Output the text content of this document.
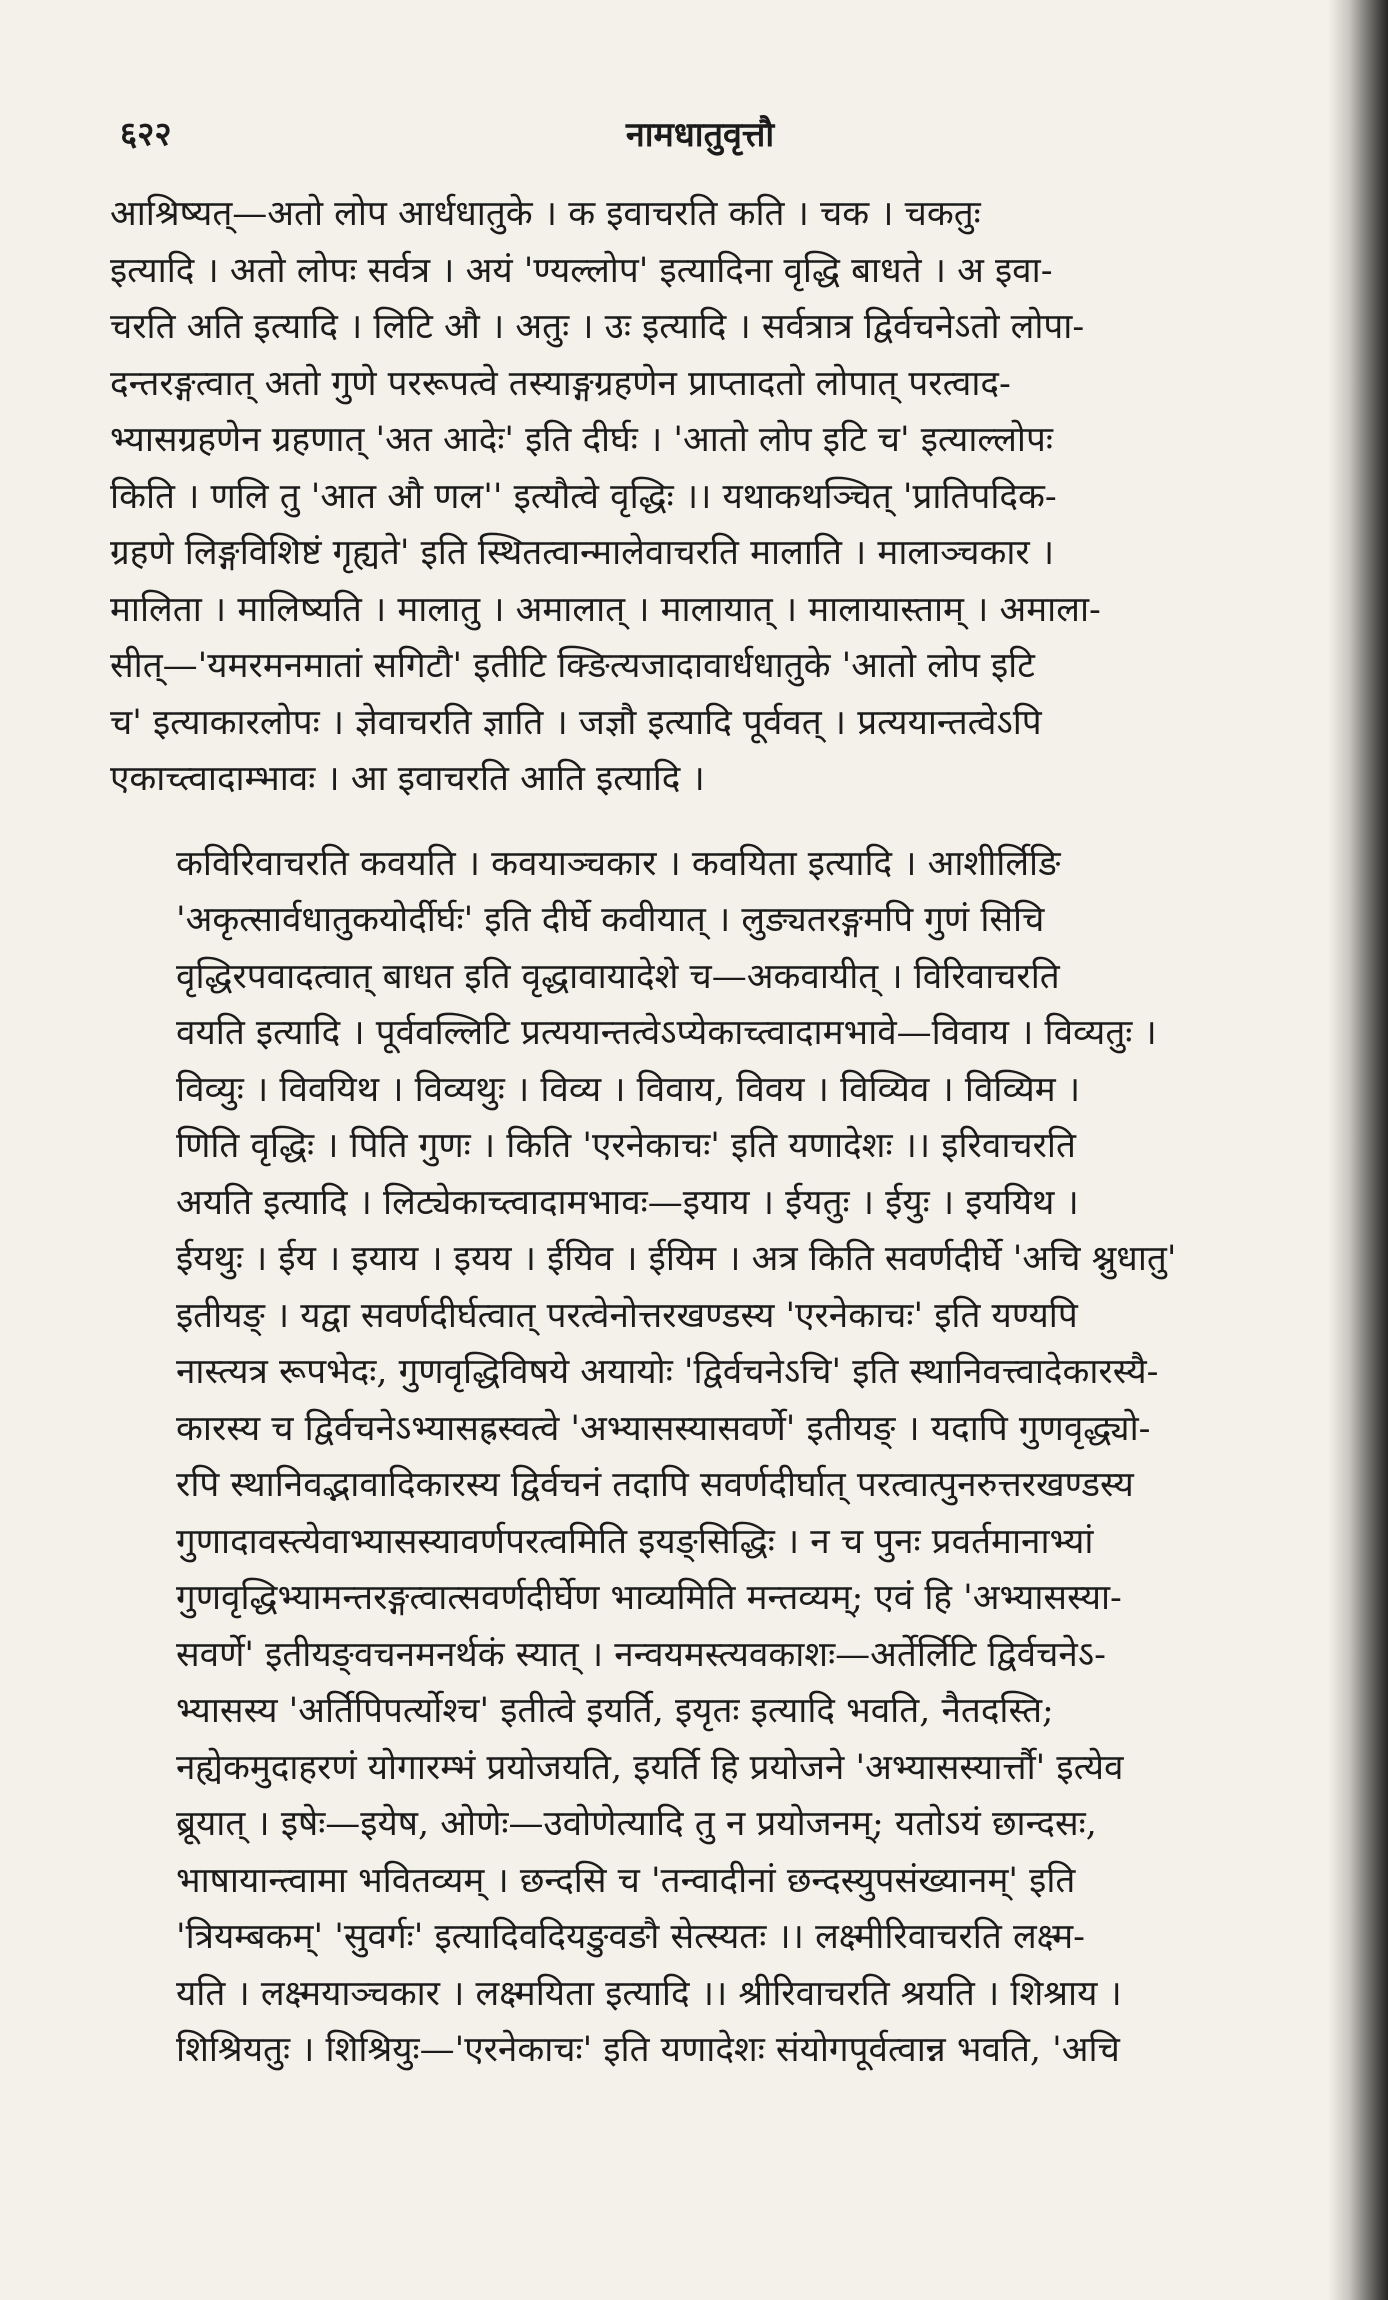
६२२	नामधातुवृत्तौ

आश्रिष्यत्—अतो लोप आर्धधातुके । क इवाचरति कति । चक । चकतुः
इत्यादि । अतो लोपः सर्वत्र । अयं 'ण्यल्लोप' इत्यादिना वृद्धि बाधते । अ इवा-
चरति अति इत्यादि । लिटि औ । अतुः । उः इत्यादि । सर्वत्रात्र द्विर्वचनेऽतो लोपा-
दन्तरङ्गत्वात् अतो गुणे पररूपत्वे तस्याङ्गग्रहणेन प्राप्तादतो लोपात् परत्वाद-
भ्यासग्रहणेन ग्रहणात् 'अत आदेः' इति दीर्घः । 'आतो लोप इटि च' इत्याल्लोपः
किति । णलि तु 'आत औ णल'' इत्यौत्वे वृद्धिः ।। यथाकथञ्चित् 'प्रातिपदिक-
ग्रहणे लिङ्गविशिष्टं गृह्यते' इति स्थितत्वान्मालेवाचरति मालाति । मालाञ्चकार ।
मालिता । मालिष्यति । मालातु । अमालात् । मालायात् । मालायास्ताम् । अमाला-
सीत्—'यमरमनमातां सगिटौ' इतीटि क्ङित्यजादावार्धधातुके 'आतो लोप इटि
च' इत्याकारलोपः । ज्ञेवाचरति ज्ञाति । जज्ञौ इत्यादि पूर्ववत् । प्रत्ययान्तत्वेऽपि
एकाच्त्वादाम्भावः । आ इवाचरति आति इत्यादि ।

कविरिवाचरति कवयति । कवयाञ्चकार । कवयिता इत्यादि । आशीर्लिङि
'अकृत्सार्वधातुकयोर्दीर्घः' इति दीर्घे कवीयात् । लुङ्यतरङ्गमपि गुणं सिचि
वृद्धिरपवादत्वात् बाधत इति वृद्धावायादेशे च—अकवायीत् । विरिवाचरति
वयति इत्यादि । पूर्ववल्लिटि प्रत्ययान्तत्वेऽप्येकाच्त्वादामभावे—विवाय । विव्यतुः ।
विव्युः । विवयिथ । विव्यथुः । विव्य । विवाय, विवय । विव्यिव । विव्यिम ।
णिति वृद्धिः । पिति गुणः । किति 'एरनेकाचः' इति यणादेशः ।। इरिवाचरति
अयति इत्यादि । लिट्येकाच्त्वादामभावः—इयाय । ईयतुः । ईयुः । इययिथ ।
ईयथुः । ईय । इयाय । इयय । ईयिव । ईयिम । अत्र किति सवर्णदीर्घे 'अचि श्नुधातु'
इतीयङ् । यद्वा सवर्णदीर्घत्वात् परत्वेनोत्तरखण्डस्य 'एरनेकाचः' इति यण्यपि
नास्त्यत्र रूपभेदः, गुणवृद्धिविषये अयायोः 'द्विर्वचनेऽचि' इति स्थानिवत्त्वादेकारस्यै-
कारस्य च द्विर्वचनेऽभ्यासह्रस्वत्वे 'अभ्यासस्यासवर्णे' इतीयङ् । यदापि गुणवृद्ध्यो-
रपि स्थानिवद्भावादिकारस्य द्विर्वचनं तदापि सवर्णदीर्घात् परत्वात्पुनरुत्तरखण्डस्य
गुणादावस्त्येवाभ्यासस्यावर्णपरत्वमिति इयङ्सिद्धिः । न च पुनः प्रवर्तमानाभ्यां
गुणवृद्धिभ्यामन्तरङ्गत्वात्सवर्णदीर्घेण भाव्यमिति मन्तव्यम्; एवं हि 'अभ्यासस्या-
सवर्णे' इतीयङ्वचनमनर्थकं स्यात् । नन्वयमस्त्यवकाशः—अर्तेर्लिटि द्विर्वचनेऽ-
भ्यासस्य 'अर्तिपिपर्त्योश्च' इतीत्वे इयर्ति, इयृतः इत्यादि भवति, नैतदस्ति;
नह्येकमुदाहरणं योगारम्भं प्रयोजयति, इयर्ति हि प्रयोजने 'अभ्यासस्यार्त्तौ' इत्येव
ब्रूयात् । इषेः—इयेष, ओणेः—उवोणेत्यादि तु न प्रयोजनम्; यतोऽयं छान्दसः,
भाषायान्त्वामा भवितव्यम् । छन्दसि च 'तन्वादीनां छन्दस्युपसंख्यानम्' इति
'त्रियम्बकम्' 'सुवर्गः' इत्यादिवदियङुवङौ सेत्स्यतः ।। लक्ष्मीरिवाचरति लक्ष्म-
यति । लक्ष्मयाञ्चकार । लक्ष्मयिता इत्यादि ।। श्रीरिवाचरति श्रयति । शिश्राय ।
शिश्रियतुः । शिश्रियुः—'एरनेकाचः' इति यणादेशः संयोगपूर्वत्वान्न भवति, 'अचि
